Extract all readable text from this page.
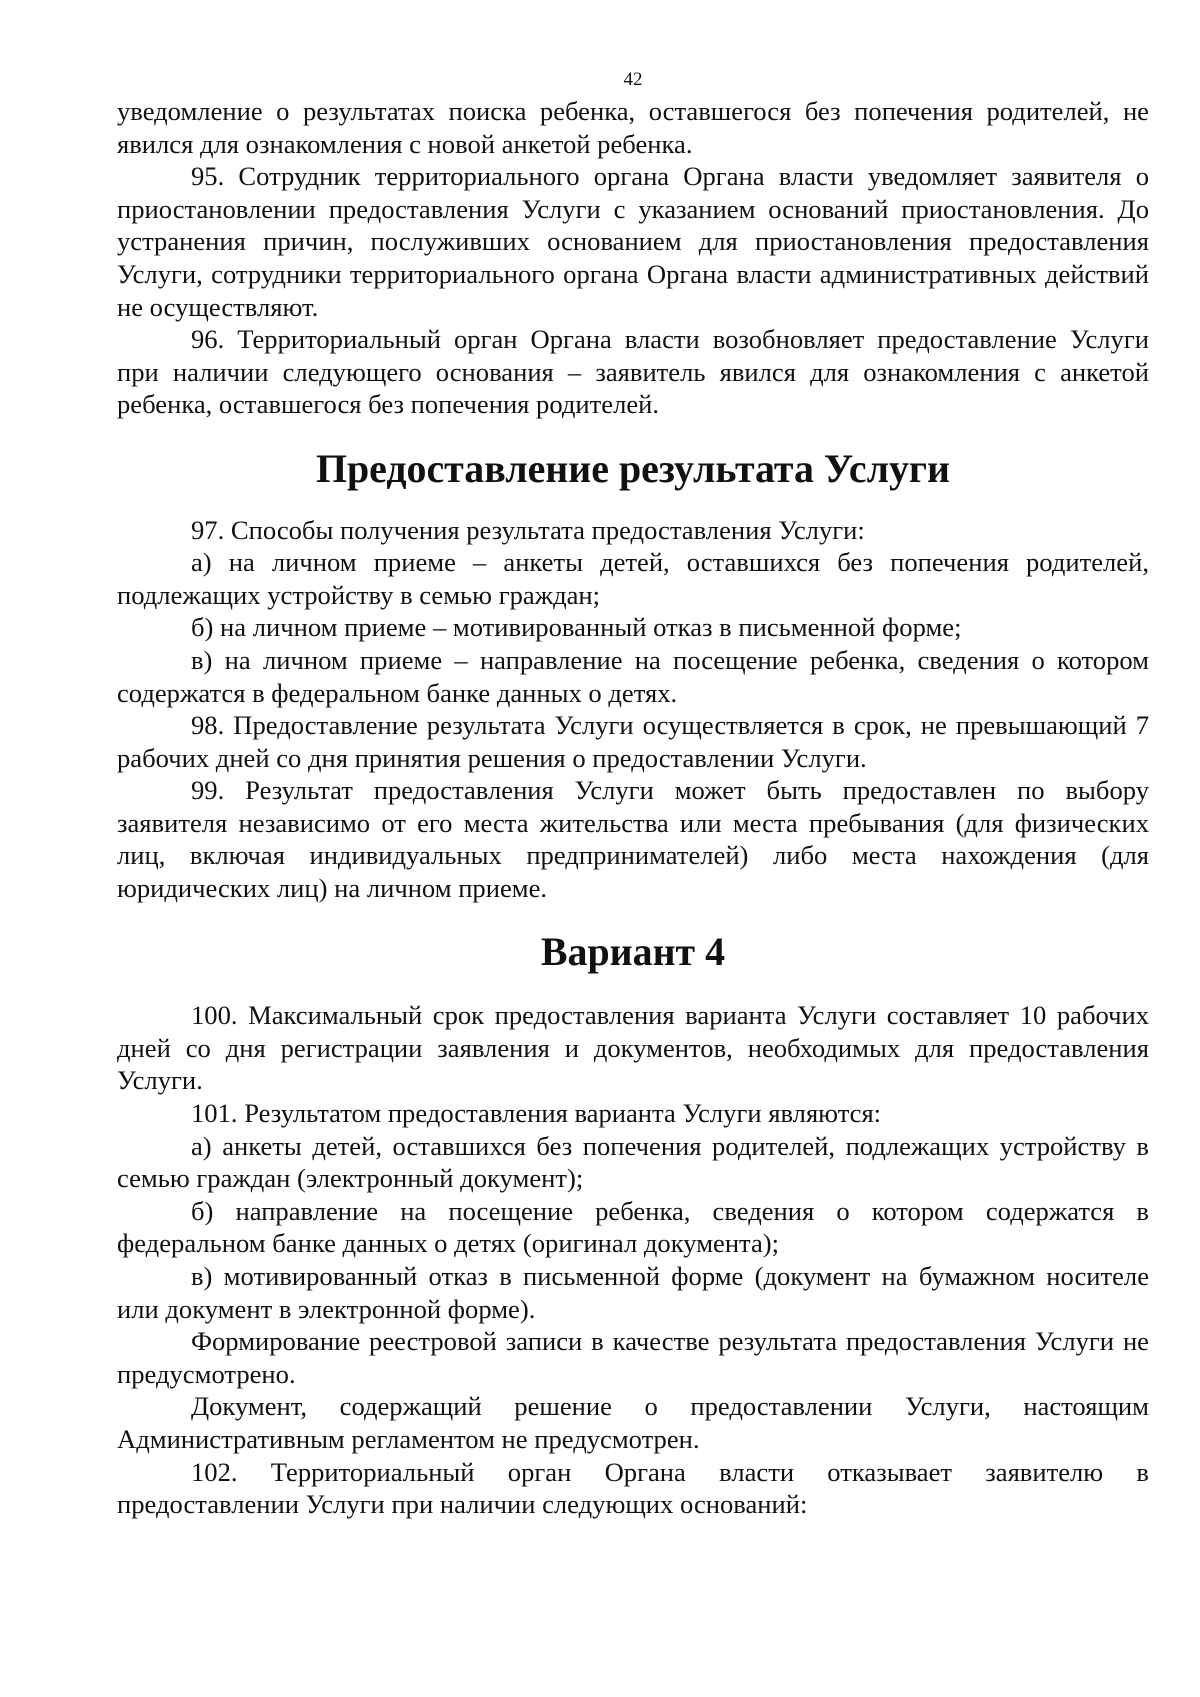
42

уведомление о результатах поиска ребенка, оставшегося без попечения родителей, не явился для ознакомления с новой анкетой ребенка.

95. Сотрудник территориального органа Органа власти уведомляет заявителя о приостановлении предоставления Услуги с указанием оснований приостановления. До устранения причин, послуживших основанием для приостановления предоставления Услуги, сотрудники территориального органа Органа власти административных действий не осуществляют.

96. Территориальный орган Органа власти возобновляет предоставление Услуги при наличии следующего основания – заявитель явился для ознакомления с анкетой ребенка, оставшегося без попечения родителей.

Предоставление результата Услуги

97. Способы получения результата предоставления Услуги:

а) на личном приеме – анкеты детей, оставшихся без попечения родителей, подлежащих устройству в семью граждан;

б) на личном приеме – мотивированный отказ в письменной форме;

в) на личном приеме – направление на посещение ребенка, сведения о котором содержатся в федеральном банке данных о детях.

98. Предоставление результата Услуги осуществляется в срок, не превышающий 7 рабочих дней со дня принятия решения о предоставлении Услуги.

99. Результат предоставления Услуги может быть предоставлен по выбору заявителя независимо от его места жительства или места пребывания (для физических лиц, включая индивидуальных предпринимателей) либо места нахождения (для юридических лиц) на личном приеме.

Вариант 4

100. Максимальный срок предоставления варианта Услуги составляет 10 рабочих дней со дня регистрации заявления и документов, необходимых для предоставления Услуги.

101. Результатом предоставления варианта Услуги являются:

а) анкеты детей, оставшихся без попечения родителей, подлежащих устройству в семью граждан (электронный документ);

б) направление на посещение ребенка, сведения о котором содержатся в федеральном банке данных о детях (оригинал документа);

в) мотивированный отказ в письменной форме (документ на бумажном носителе или документ в электронной форме).

Формирование реестровой записи в качестве результата предоставления Услуги не предусмотрено.

Документ, содержащий решение о предоставлении Услуги, настоящим Административным регламентом не предусмотрен.

102. Территориальный орган Органа власти отказывает заявителю в предоставлении Услуги при наличии следующих оснований:
